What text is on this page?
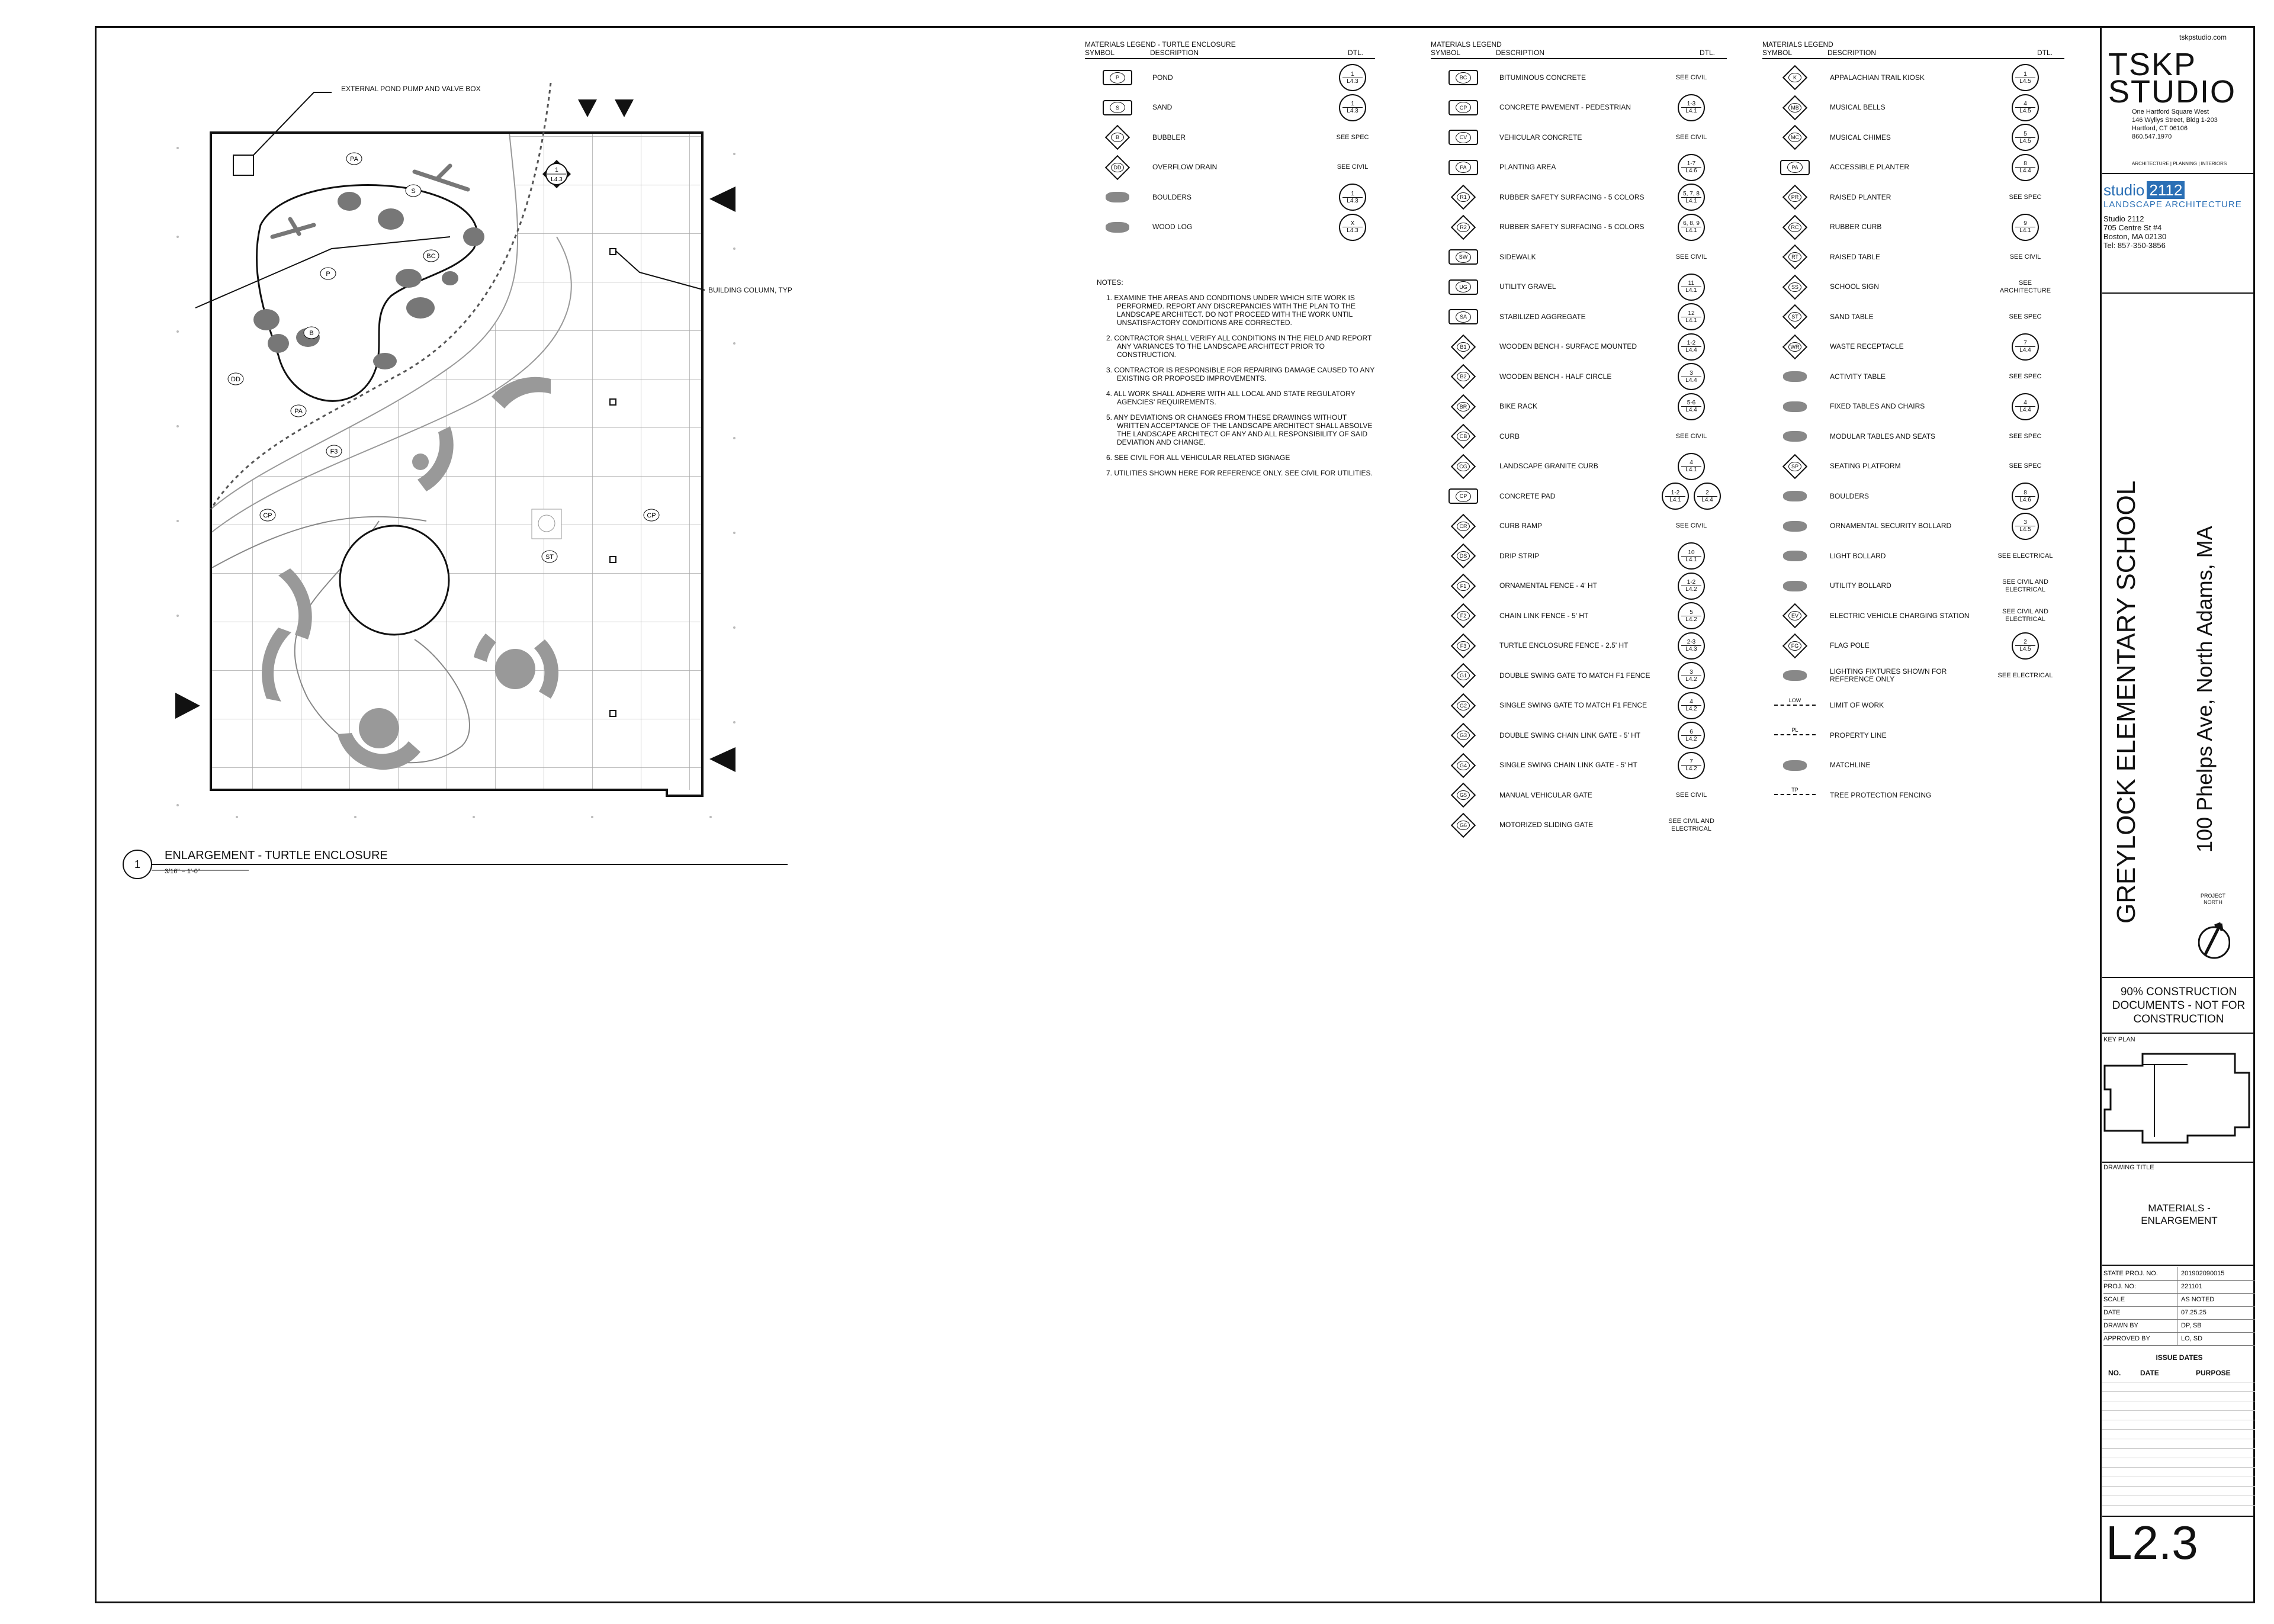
PA
S
P
B
BC
DD
PA
F3
CP	CP
ST
1
L4.3
EXTERNAL POND PUMP AND VALVE BOX
BUILDING COLUMN, TYP
1
ENLARGEMENT - TURTLE ENCLOSURE
3/16" = 1'-0"
MATERIALS LEGEND - TURTLE ENCLOSURE
SYMBOL	DESCRIPTION	DTL.
P	POND	1
L4.3
S	SAND	1
L4.3
B	BUBBLER	SEE SPEC
DD	OVERFLOW DRAIN	SEE CIVIL
BOULDERS	1
L4.3
WOOD LOG	X
L4.3
NOTES:
1. EXAMINE THE AREAS AND CONDITIONS UNDER WHICH SITE WORK IS PERFORMED. REPORT ANY DISCREPANCIES WITH THE PLAN TO THE LANDSCAPE ARCHITECT. DO NOT PROCEED WITH THE WORK UNTIL UNSATISFACTORY CONDITIONS ARE CORRECTED.
2. CONTRACTOR SHALL VERIFY ALL CONDITIONS IN THE FIELD AND REPORT ANY VARIANCES TO THE LANDSCAPE ARCHITECT PRIOR TO CONSTRUCTION.
3. CONTRACTOR IS RESPONSIBLE FOR REPAIRING DAMAGE CAUSED TO ANY EXISTING OR PROPOSED IMPROVEMENTS.
4. ALL WORK SHALL ADHERE WITH ALL LOCAL AND STATE REGULATORY AGENCIES' REQUIREMENTS.
5. ANY DEVIATIONS OR CHANGES FROM THESE DRAWINGS WITHOUT WRITTEN ACCEPTANCE OF THE LANDSCAPE ARCHITECT SHALL ABSOLVE THE LANDSCAPE ARCHITECT OF ANY AND ALL RESPONSIBILITY OF SAID DEVIATION AND CHANGE.
6. SEE CIVIL FOR ALL VEHICULAR RELATED SIGNAGE
7. UTILITIES SHOWN HERE FOR REFERENCE ONLY. SEE CIVIL FOR UTILITIES.
MATERIALS LEGEND
SYMBOL	DESCRIPTION	DTL.
BC	BITUMINOUS CONCRETE	SEE CIVIL
CP	CONCRETE PAVEMENT - PEDESTRIAN	1-3
L4.1
CV	VEHICULAR CONCRETE	SEE CIVIL
PA	PLANTING AREA	1-7
L4.6
R1	RUBBER SAFETY SURFACING - 5 COLORS	5, 7, 8
L4.1
R2	RUBBER SAFETY SURFACING - 5 COLORS	6, 8, 9
L4.1
SW	SIDEWALK	SEE CIVIL
UG	UTILITY GRAVEL	11
L4.1
SA	STABILIZED AGGREGATE	12
L4.1
B1	WOODEN BENCH - SURFACE MOUNTED	1-2
L4.4
B2	WOODEN BENCH - HALF CIRCLE	3
L4.4
BR	BIKE RACK	5-6
L4.4
CB	CURB	SEE CIVIL
CG	LANDSCAPE GRANITE CURB	4
L4.1
CP	CONCRETE PAD	1-2
L4.1
2
L4.4
CR	CURB RAMP	SEE CIVIL
DS	DRIP STRIP	10
L4.1
F1	ORNAMENTAL FENCE - 4' HT	1-2
L4.2
F2	CHAIN LINK FENCE - 5' HT	5
L4.2
F3	TURTLE ENCLOSURE FENCE - 2.5' HT	2-3
L4.3
G1	DOUBLE SWING GATE TO MATCH F1 FENCE	3
L4.2
G2	SINGLE SWING GATE TO MATCH F1 FENCE	4
L4.2
G3	DOUBLE SWING CHAIN LINK GATE - 5' HT	6
L4.2
G4	SINGLE SWING CHAIN LINK GATE - 5' HT	7
L4.2
G5	MANUAL VEHICULAR GATE	SEE CIVIL
G6	MOTORIZED SLIDING GATE	SEE CIVIL AND
ELECTRICAL
MATERIALS LEGEND
SYMBOL	DESCRIPTION	DTL.
K	APPALACHIAN TRAIL KIOSK	1
L4.5
MB	MUSICAL BELLS	4
L4.5
MC	MUSICAL CHIMES	5
L4.5
PA	ACCESSIBLE PLANTER	8
L4.4
PR	RAISED PLANTER	SEE SPEC
RC	RUBBER CURB	9
L4.1
RT	RAISED TABLE	SEE CIVIL
SS	SCHOOL SIGN	SEE
ARCHITECTURE
ST	SAND TABLE	SEE SPEC
WR	WASTE RECEPTACLE	7
L4.4
ACTIVITY TABLE	SEE SPEC
FIXED TABLES AND CHAIRS	4
L4.4
MODULAR TABLES AND SEATS	SEE SPEC
SP	SEATING PLATFORM	SEE SPEC
BOULDERS	8
L4.6
ORNAMENTAL SECURITY BOLLARD	3
L4.5
LIGHT BOLLARD	SEE ELECTRICAL
UTILITY BOLLARD	SEE CIVIL AND
ELECTRICAL
EV	ELECTRIC VEHICLE CHARGING STATION	SEE CIVIL AND
ELECTRICAL
FG	FLAG POLE	2
L4.5
LIGHTING FIXTURES SHOWN FOR
REFERENCE ONLY	SEE ELECTRICAL
LOW
LIMIT OF WORK
PL
PROPERTY LINE
MATCHLINE
TP
TREE PROTECTION FENCING
tskpstudio.com
TSKP
STUDIO
One Hartford Square West
146 Wyllys Street, Bldg 1-203
Hartford, CT 06106
860.547.1970
ARCHITECTURE | PLANNING | INTERIORS
studio 2112
LANDSCAPE ARCHITECTURE
Studio 2112
705 Centre St #4
Boston, MA 02130
Tel: 857-350-3856
GREYLOCK ELEMENTARY SCHOOL 100 Phelps Ave, North Adams, MA
PROJECT
NORTH
90% CONSTRUCTION DOCUMENTS - NOT FOR CONSTRUCTION
KEY PLAN
DRAWING TITLE
MATERIALS - ENLARGEMENT
STATE PROJ. NO.	201902090015
PROJ. NO:	221101
SCALE	AS NOTED
DATE	07.25.25
DRAWN BY	DP, SB
APPROVED BY	LO, SD
ISSUE DATES
NO.	DATE	PURPOSE
L2.3
